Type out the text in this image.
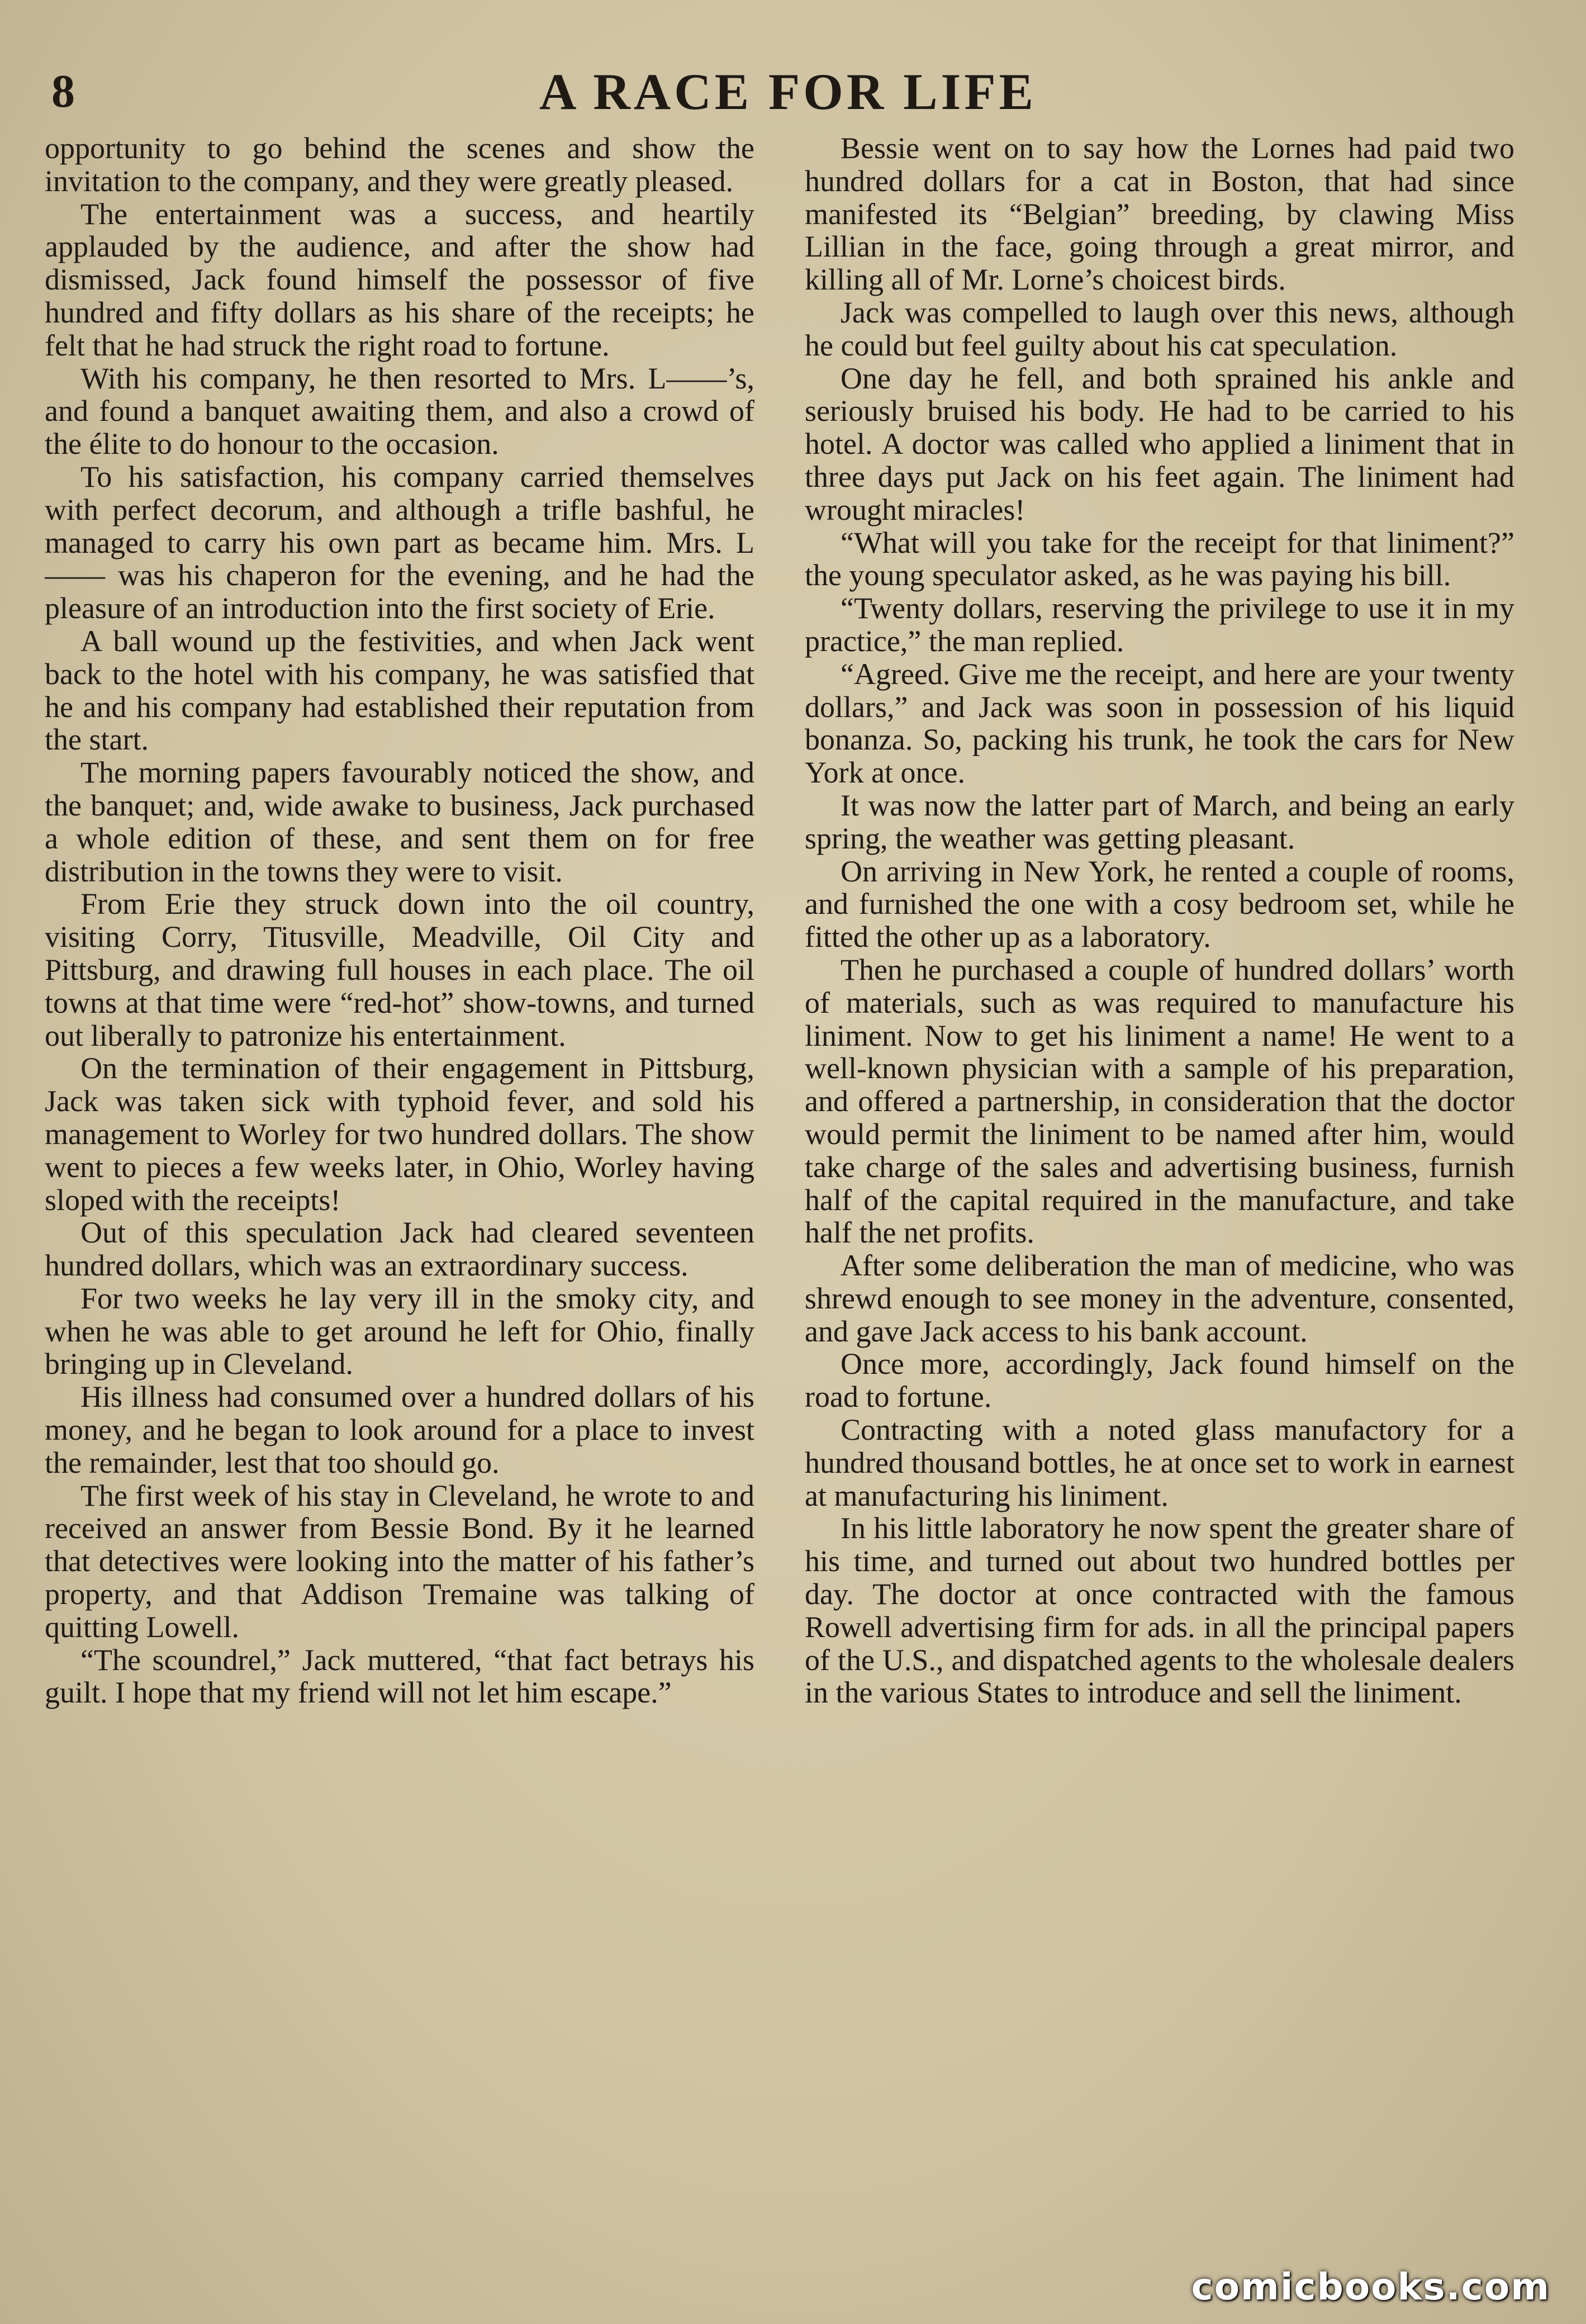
8	A RACE FOR LIFE

opportunity to go behind the scenes and show the invitation to the company, and they were greatly pleased.

The entertainment was a success, and heartily applauded by the audience, and after the show had dismissed, Jack found himself the possessor of five hundred and fifty dollars as his share of the receipts; he felt that he had struck the right road to fortune.

With his company, he then resorted to Mrs. L——’s, and found a banquet awaiting them, and also a crowd of the élite to do honour to the occasion.

To his satisfaction, his company carried themselves with perfect decorum, and although a trifle bashful, he managed to carry his own part as became him. Mrs. L—— was his chaperon for the evening, and he had the pleasure of an introduction into the first society of Erie.

A ball wound up the festivities, and when Jack went back to the hotel with his company, he was satisfied that he and his company had established their reputation from the start.

The morning papers favourably noticed the show, and the banquet; and, wide awake to business, Jack purchased a whole edition of these, and sent them on for free distribution in the towns they were to visit.

From Erie they struck down into the oil country, visiting Corry, Titusville, Meadville, Oil City and Pittsburg, and drawing full houses in each place. The oil towns at that time were “red-hot” show-towns, and turned out liberally to patronize his entertainment.

On the termination of their engagement in Pittsburg, Jack was taken sick with typhoid fever, and sold his management to Worley for two hundred dollars. The show went to pieces a few weeks later, in Ohio, Worley having sloped with the receipts!

Out of this speculation Jack had cleared seventeen hundred dollars, which was an extraordinary success.

For two weeks he lay very ill in the smoky city, and when he was able to get around he left for Ohio, finally bringing up in Cleveland.

His illness had consumed over a hundred dollars of his money, and he began to look around for a place to invest the remainder, lest that too should go.

The first week of his stay in Cleveland, he wrote to and received an answer from Bessie Bond. By it he learned that detectives were looking into the matter of his father’s property, and that Addison Tremaine was talking of quitting Lowell.

“The scoundrel,” Jack muttered, “that fact betrays his guilt. I hope that my friend will not let him escape.”

Bessie went on to say how the Lornes had paid two hundred dollars for a cat in Boston, that had since manifested its “Belgian” breeding, by clawing Miss Lillian in the face, going through a great mirror, and killing all of Mr. Lorne’s choicest birds.

Jack was compelled to laugh over this news, although he could but feel guilty about his cat speculation.

One day he fell, and both sprained his ankle and seriously bruised his body. He had to be carried to his hotel. A doctor was called who applied a liniment that in three days put Jack on his feet again. The liniment had wrought miracles!

“What will you take for the receipt for that liniment?” the young speculator asked, as he was paying his bill.

“Twenty dollars, reserving the privilege to use it in my practice,” the man replied.

“Agreed. Give me the receipt, and here are your twenty dollars,” and Jack was soon in possession of his liquid bonanza. So, packing his trunk, he took the cars for New York at once.

It was now the latter part of March, and being an early spring, the weather was getting pleasant.

On arriving in New York, he rented a couple of rooms, and furnished the one with a cosy bedroom set, while he fitted the other up as a laboratory.

Then he purchased a couple of hundred dollars’ worth of materials, such as was required to manufacture his liniment. Now to get his liniment a name! He went to a well-known physician with a sample of his preparation, and offered a partnership, in consideration that the doctor would permit the liniment to be named after him, would take charge of the sales and advertising business, furnish half of the capital required in the manufacture, and take half the net profits.

After some deliberation the man of medicine, who was shrewd enough to see money in the adventure, consented, and gave Jack access to his bank account.

Once more, accordingly, Jack found himself on the road to fortune.

Contracting with a noted glass manufactory for a hundred thousand bottles, he at once set to work in earnest at manufacturing his liniment.

In his little laboratory he now spent the greater share of his time, and turned out about two hundred bottles per day. The doctor at once contracted with the famous Rowell advertising firm for ads. in all the principal papers of the U.S., and dispatched agents to the wholesale dealers in the various States to introduce and sell the liniment.

comicbooks.com
